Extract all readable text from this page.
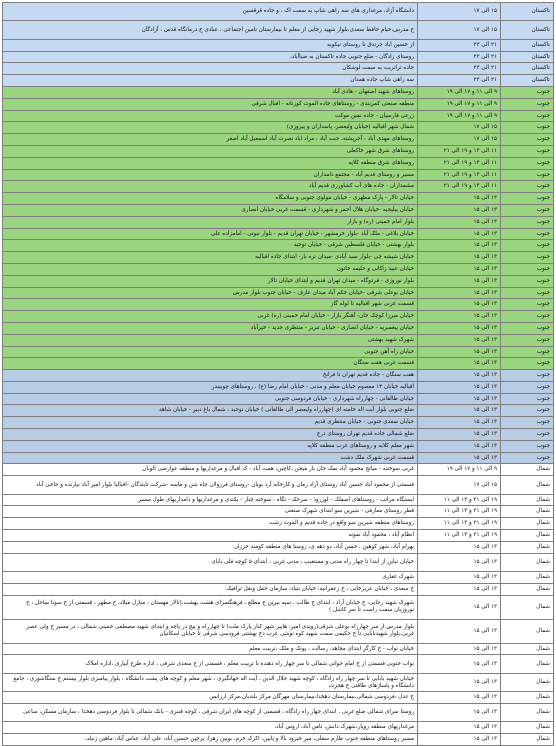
تاکستان	۱۵ الی ۱۷	دانشگاه آزاد، مرغداری های سه راهی شاپ به سمت اک ، و جاده قرقسین
تاکستان	۱۵ الی ۱۷	خ مدرس،خیام حافظ سعدی،بلوار شهید رجایی از معلم تا بیمارستان تامین اجتماعی ، عبادی خ درمانگاه قدس ، آزادگان
تاکستان	۲۱ الی ۲۳	از حسین اباد جرندق تا روستای نیکویه
تاکستان	۲۱ الی ۲۳	روستای زادگان - ضلع جنوبی جاده تاکستان به ضیاآباد،
تاکستان	۲۱ الی ۲۳	جاده ترانزیت به سمت لوشکان
تاکستان	۲۱ الی ۲۳	سه راهی شاپ جاده همدان
جنوب	۹ الی ۱۱ و ۱۷ الی ۱۹	روستاهای شهید اصفهان - هادی آباد
جنوب	۹ الی ۱۱ و ۱۷ الی ۱۹	منطقه صنعتی کمربندی - روستاهای جاده الموت کوزنانه - اقبال شرقی
جنوب	۹ الی ۱۱ و ۱۷ الی ۱۹	زرعی فارسیان - جاده نمین موکت
جنوب	۱۵ الی ۱۷	شمال شهر اقبالیه (خیابان ولیعصر، پاسداران و پیروزی)
جنوب	۱۵ الی ۱۷	روستاهای مهدی آباد - آجرپشته، جنت آباد ، مراد اباد نصرت آباد اسمعیل آباد اصغر
جنوب	۱۱ الی ۱۳ و ۱۹ الی ۲۱	روستاهای شرق شهر خاکعلی
جنوب	۱۱ الی ۱۳ و ۱۹ الی ۲۱	روستاهای شرق منطقه کلاپه
جنوب	۱۱ الی ۱۳ و ۱۹ الی ۲۱	مسیر و روستای قدیم آباد - مجتمع دامداران
جنوب	۱۱ الی ۱۳ و ۱۹ الی ۲۱	مشمداران - جاده های آب کشاورزی قدیم آباد
جنوب	۱۳ الی ۱۵	خیابان تالار - پارک مطهری - خیابان مولوی جنوبی و سلامگاه
جنوب	۱۳ الی ۱۵	خیابان بیلیجیه -خیابان هلال احمر و شهرداری - قسمت غربی خیابان انصاری
جنوب	۱۳ الی ۱۵	بلوار امام خمینی (ره) و بازار
جنوب	۱۳ الی ۱۵	خیابان بلاغی - ملک آباد -بلوار خرمشهر - خیابان تهران قدیم - بلوار نبوتی - امامزاده علی
جنوب	۱۳ الی ۱۵	بلوار بهشتی - خیابان فلسطین شرقی - خیابان توحید
جنوب	۱۳ الی ۱۵	خیابان شیشه چی -بلوار سید آبادی -میدان تره بار- ابتدای جاده اقبالیه
جنوب	۱۳ الی ۱۵	خیابان عبید زاکانی و حلیمه خاتون
جنوب	۱۳ الی ۱۵	بلوار نوروزی - فردوگاه - میدان تهران قدیم و ابتدای خیابان تالار
جنوب	۱۳ الی ۱۵	خیابان بوعلی شرقی -خیابان حکم آباد میدان عارف - خیابان جنوب بلوار مدرس
جنوب	۱۳ الی ۱۵	قسمت غربی شهر اقبالیه تا لوله گاز
جنوب	۱۳ الی ۱۵	خیابان میرزا کوچک خان- آهنگر بازار - خیابان امام خمینی (ره) غربی
جنوب	۱۳ الی ۱۵	خیابان پیغمبریه - خیابان انصاری - خیابان تبریز - منتظری جدید - خیرآباد
جنوب	۱۳ الی ۱۵	شهرک شهید بهشتی
جنوب	۱۳ الی ۱۵	خیابان راه آهن جنوبی
جنوب	۱۳ الی ۱۵	قسمت غربی هفت سنگان
جنوب	۱۳ الی ۱۵	هفت سنگان - جاده قدیم تهران تا فرانخ
جنوب	۱۳ الی ۱۵	اقبالیه خیابان ۱۴ معصوم خیابان معلم و مدنی - خیابان امام رضا (ع) ، روستاهای چوبیندر
جنوب	۱۳ الی ۱۵	خیابان طالقانی - چهارراه شهرداری - خیابان فردوسی جنوبی
جنوب	۱۳ الی ۱۵	ضلع جنوبی بلوار آیت اله خامنه ای (چهارراه ولیعصر الی طالقانی ) خیابان توحید ، شمال باغ دبیر - خیابان شاهد
جنوب	۱۳ الی ۱۵	خیابان سعدی جنوبی - خیابان منتظری قدیم
جنوب	۱۳ الی ۱۵	ضلع شمالی جاده قدیم تهران روستای درج
جنوب	۱۳ الی ۱۵	شهر معلم کلایه و روستاهای غرب منطقه کلاپه
جنوب	۱۳ الی ۱۵	قسمت غربی شهرک ملک دشت
شمال	۹ الی ۱۱ و ۱۷ الی ۱۹	غربی سوختنه - میانج محمود آباد نمک خان بار میجن ،کاچین، همت آباد - ک اقبال و مرغداریها و منطقه عوارضی الوبان
شمال	۱۵ الی ۱۷	قسمتی از محمود آباد حسین آباد روستای آزاد زمان و کارخانه آرد بویان -روستای فرزولان چاه شن و ماسه -شرکت تابندگان -اقبالیا بلوار امیر آباد نیارنده و حاجی آباد
شمال	۱۹ الی ۲۱ و ۱۳ الی ۱۱	ایستگاه مراتب - روستاهای اصفلک - لوزروذ - سرخک - تگاه - سوخته چنار - بکندی و مرغداریها و دامداریهای طول مسیر
شمال	۱۹ الی ۲۱ و ۱۳ الی ۱۱	فطر روستای معارفی - شیرین سو ابتدای شهرک صنعتی
شمال	۱۹ الی ۲۱ و ۱۳ الی ۱۱	روستاهای منطقه شیرین سو واقع در جاده قدیم و الموت رشت
شمال	۱۹ الی ۲۱ و ۱۳ الی ۱۱	انظام آباد ، محمود آباد نمونه
شمال	۱۳ الی ۱۵	بهرام آباد، شهر کوهین ، حسن آباد، دو دهه ی، روستا های منطقه کومند خرزان
شمال	۱۳ الی ۱۵	خیابان نیابن از ابتدا تا چهار راه مدنی و مستغیب ، مدنی غربی ، ابتدای ۵ کوچه قلی بابای
شمال	۱۳ الی ۱۵	شهرک غفاری
شمال	۱۳ الی ۱۵	خ سعدی ، خیابان عزیزخانی ، خ زعفرانیه، خیابان بنیاد، سازمان حمل ونقل ترافیک.
شمال	۱۳ الی ۱۵	شهرک شهید رجایی، خ خیابان آراد ، ابتدای خ طالب ، سپه بیرین خ مطلع ، فرهنگسرای هشت بهشت،(تالار مهستان ، منازل میلاد، خ مطهر ، قسمتی از خ سونا ساحل ، خ نوروزیان سمت راست تا سر کاشل )
شمال	۱۳ الی ۱۵	بلوار مدرس از سر چهارراه بوعلی شرقی(رویدی امیر، هایپر شهر کنار پارک ملت) تا چهارراه و پیچ در پاچه و ابتدای شهید مصطفی خمینی شمالی ، در مسیر خ ولی عصر غربی،بلوار شهیدبابایی تا خ حکیمی سمت شهید کوه نوشی عرب دخ بهشتی فرودسی شرقی تا خیابان اسکانیان
شمال	۱۳ الی ۱۵	خیابان نواب - خ کارگر ابتدای مجاهد، رسالت ، پونک و ملک ،تربیت معلم
شمال	۱۳ الی ۱۵	نواب جنوبی قسمتی از خ امام جوانی شمالی تا سر چهار راه دهنده تا تربیت معلم ، قسمتی از خ سعدی شرقی ، اداره طرح آبیاری ،اداره املاک
شمال	۱۳ الی ۱۵	خیابان شهید بابایی تا سر چهار راه زادگاه ، کوچه شهید جلال الدین ، آیت اله جهانگیری ، شهر معلم و کوچه های پشت دانشگاه ، بلوار پیامبری بلوار بیستم خ سنگاشوری ، جامع دانشگاه و پاساژهای طاقتی خ هجرت
شمال	۱۳ الی ۱۵	خ عدل ،فردوسی شمالی،بیمارستان دهخدا،بیمارستان مهرگان مرکز بلندیان،مرکز ارزانس
شمال	۱۳ الی ۱۵	روستا سرای شمالی ضلع غربی ، ابتدای جهار راه زادگاه ، قسمتی از کوچه های ایران شرقی ، کوچه قنبری - بانک شمالی تا بلوار فردوسی دهخدا ، سازمان مسکن، ساعی
شمال	۱۳ الی ۱۵	مرغداریهای منطقه زویار،شهرک دانش، ثامن آباد، اروس آباد،
شمال	۱۳ الی ۱۵	مسیر روستاهای منطقه جنوب طارم سفلی، میر خیرود بالا و پایین، اکرک خرم، بویین زهرا، پرچین حسین آباد، علی آباد، عباس آباد، ماهین زنبلد،
